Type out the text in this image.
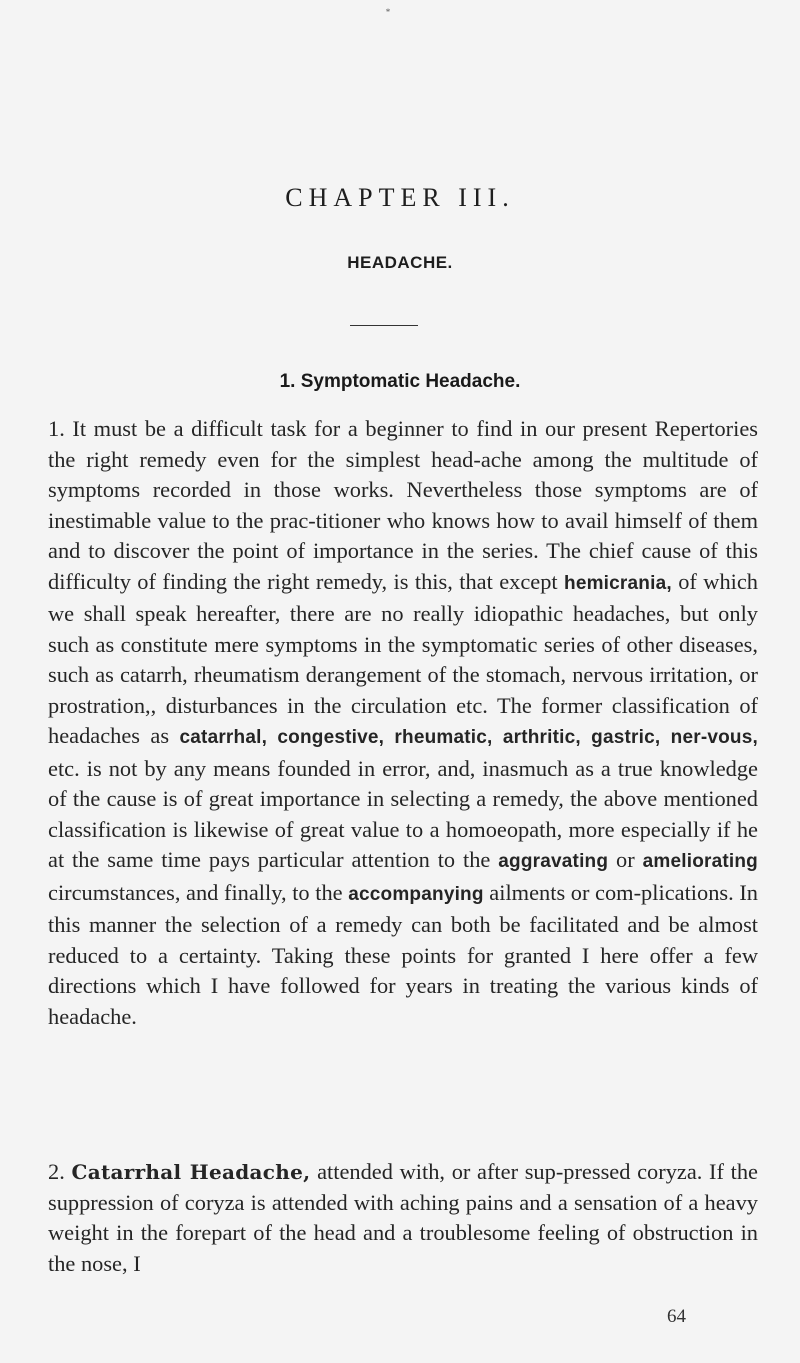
*
CHAPTER III.
HEADACHE.
1. Symptomatic Headache.

1. It must be a difficult task for a beginner to find in our present Repertories the right remedy even for the simplest head-ache among the multitude of symptoms recorded in those works. Nevertheless those symptoms are of inestimable value to the prac-titioner who knows how to avail himself of them and to discover the point of importance in the series. The chief cause of this difficulty of finding the right remedy, is this, that except hemicrania, of which we shall speak hereafter, there are no really idiopathic headaches, but only such as constitute mere symptoms in the symptomatic series of other diseases, such as catarrh, rheumatism derangement of the stomach, nervous irritation, or prostration,, disturbances in the circulation etc. The former classification of headaches as catarrhal, congestive, rheumatic, arthritic, gastric, ner-vous, etc. is not by any means founded in error, and, inasmuch as a true knowledge of the cause is of great importance in selecting a remedy, the above mentioned classification is likewise of great value to a homoeopath, more especially if he at the same time pays particular attention to the aggravating or ameliorating circumstances, and finally, to the accompanying ailments or com-plications. In this manner the selection of a remedy can both be facilitated and be almost reduced to a certainty. Taking these points for granted I here offer a few directions which I have followed for years in treating the various kinds of headache.

2. Catarrhal Headache, attended with, or after sup-pressed coryza. If the suppression of coryza is attended with aching pains and a sensation of a heavy weight in the forepart of the head and a troublesome feeling of obstruction in the nose, I

64
